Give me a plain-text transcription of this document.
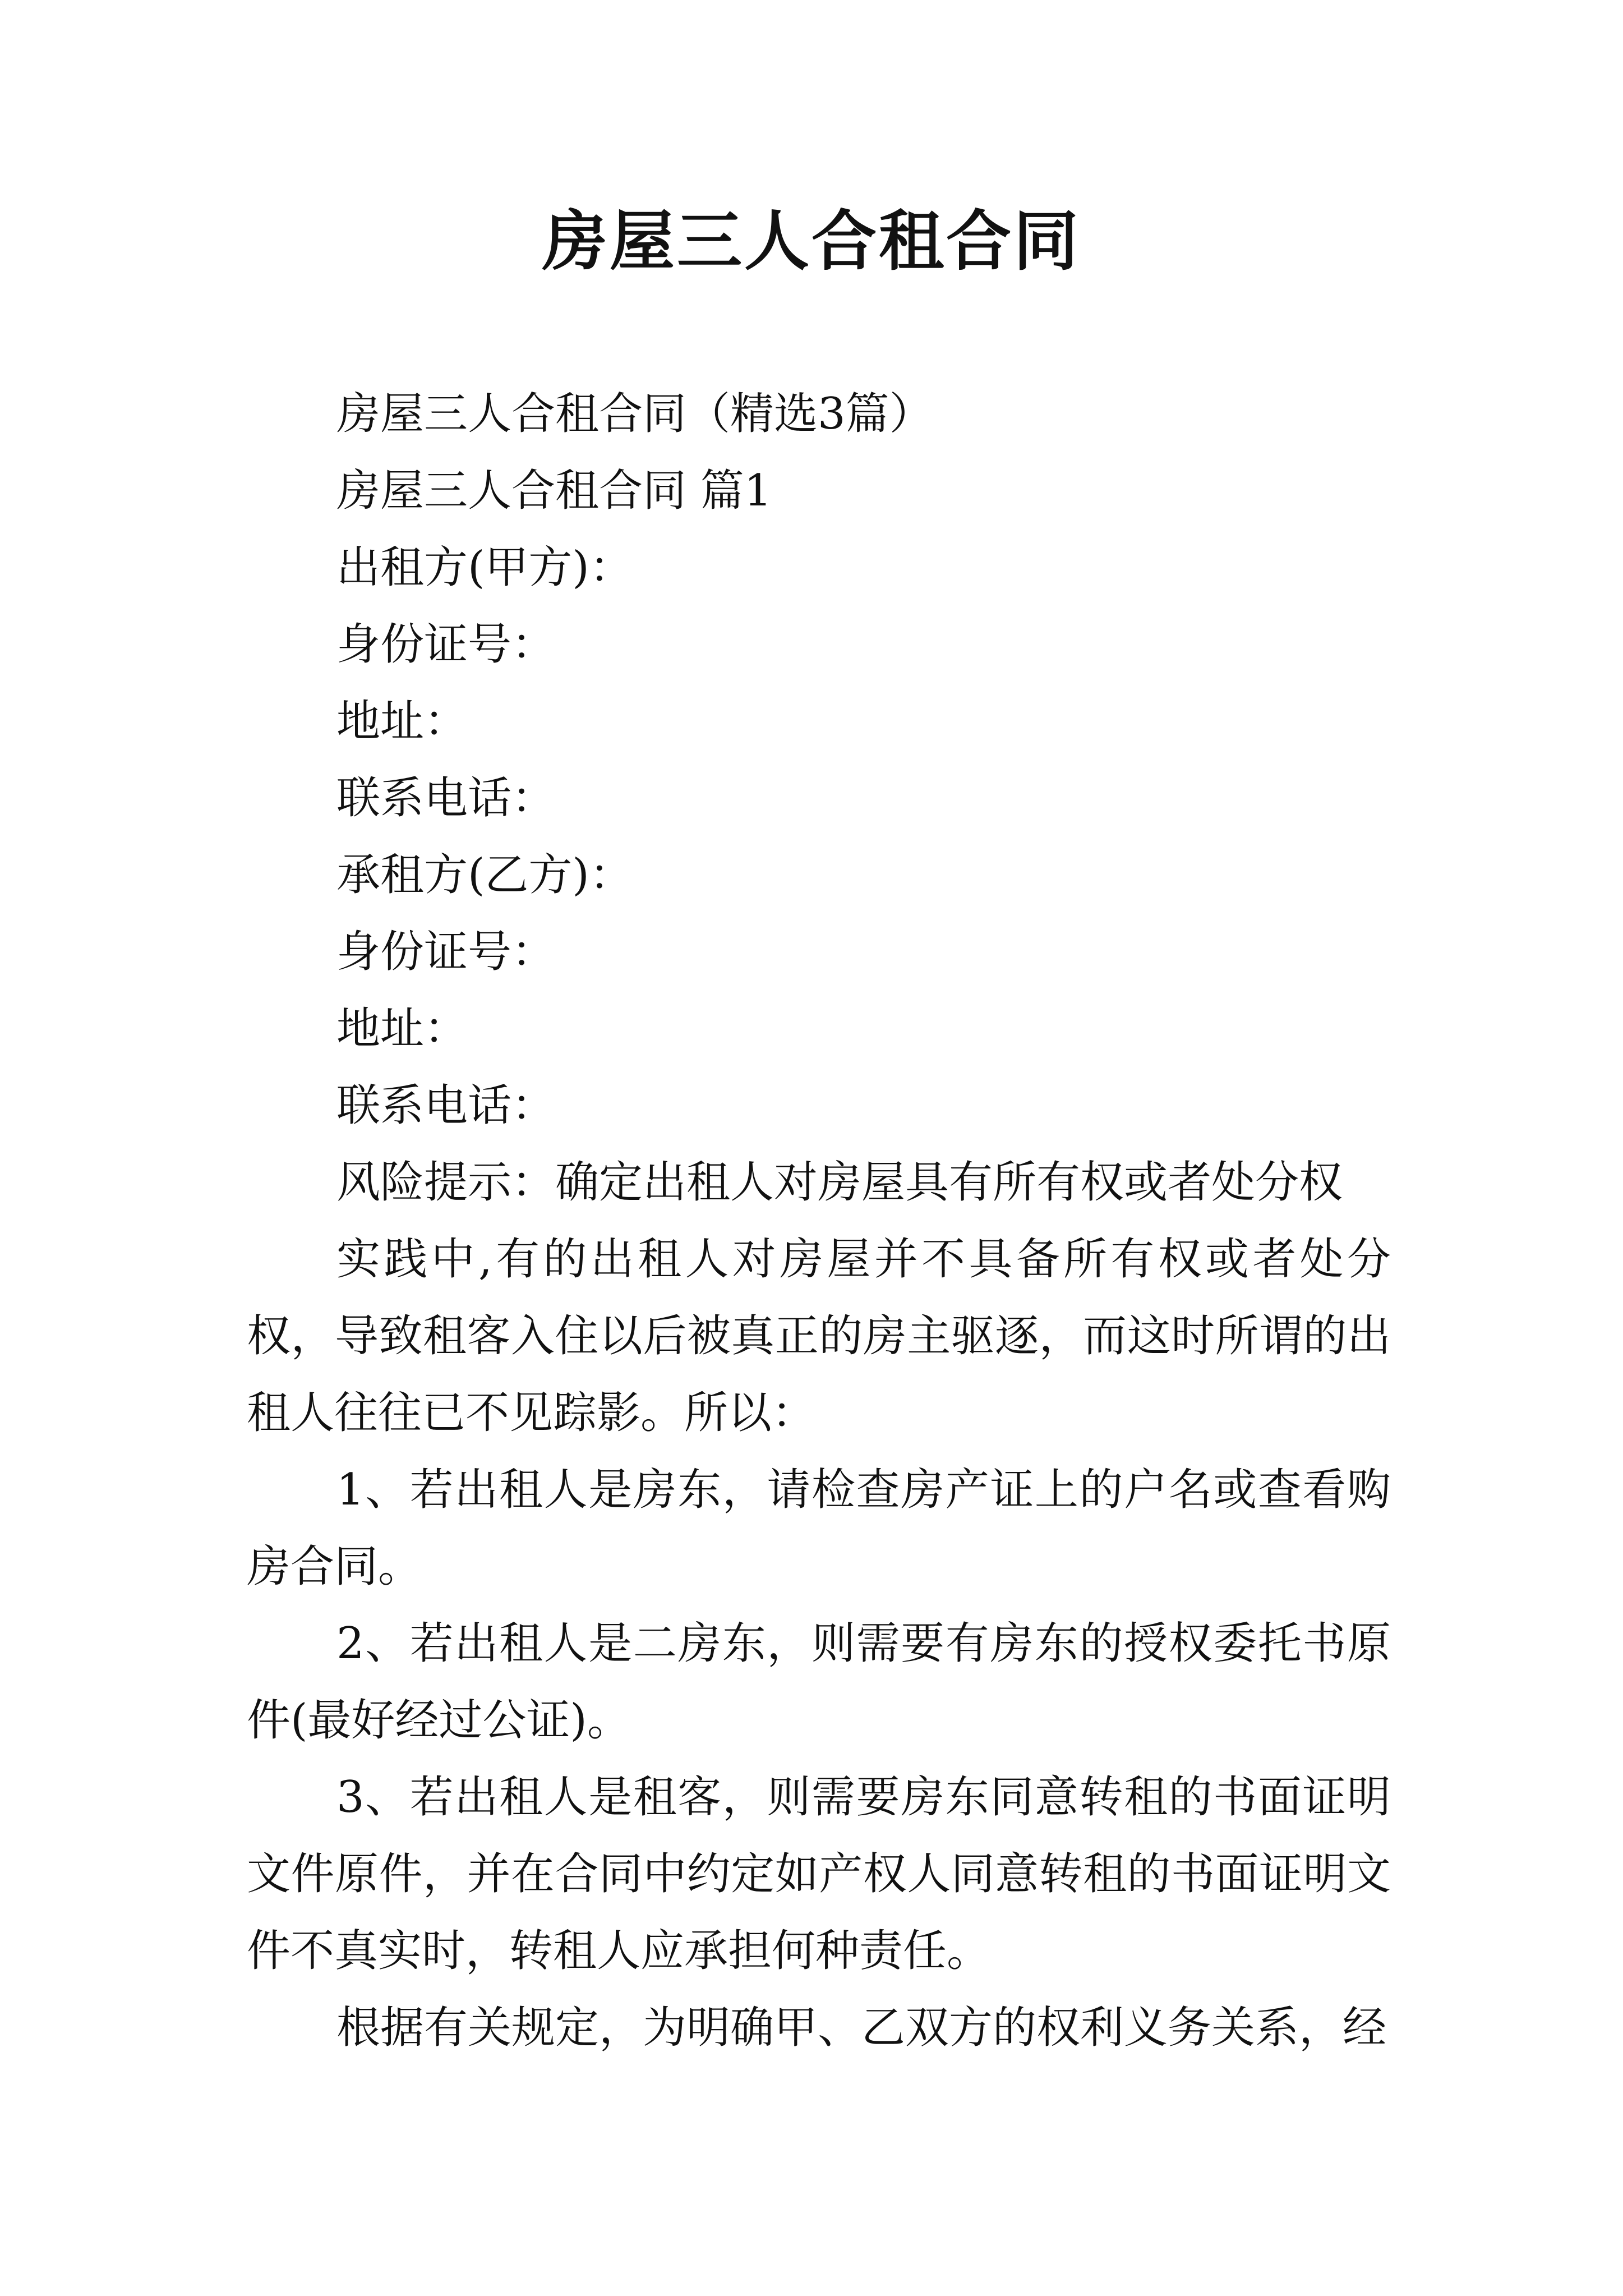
房屋三人合租合同
房屋三人合租合同（精选3篇）
房屋三人合租合同 篇1
出租方(甲方)：
身份证号：
地址：
联系电话：
承租方(乙方)：
身份证号：
地址：
联系电话：
风险提示：确定出租人对房屋具有所有权或者处分权

实践中,有的出租人对房屋并不具备所有权或者处分权，导致租客入住以后被真正的房主驱逐，而这时所谓的出租人往往已不见踪影。所以：

1、若出租人是房东，请检查房产证上的户名或查看购房合同。

2、若出租人是二房东，则需要有房东的授权委托书原件(最好经过公证)。

3、若出租人是租客，则需要房东同意转租的书面证明文件原件，并在合同中约定如产权人同意转租的书面证明文件不真实时，转租人应承担何种责任。

根据有关规定，为明确甲、乙双方的权利义务关系，经
